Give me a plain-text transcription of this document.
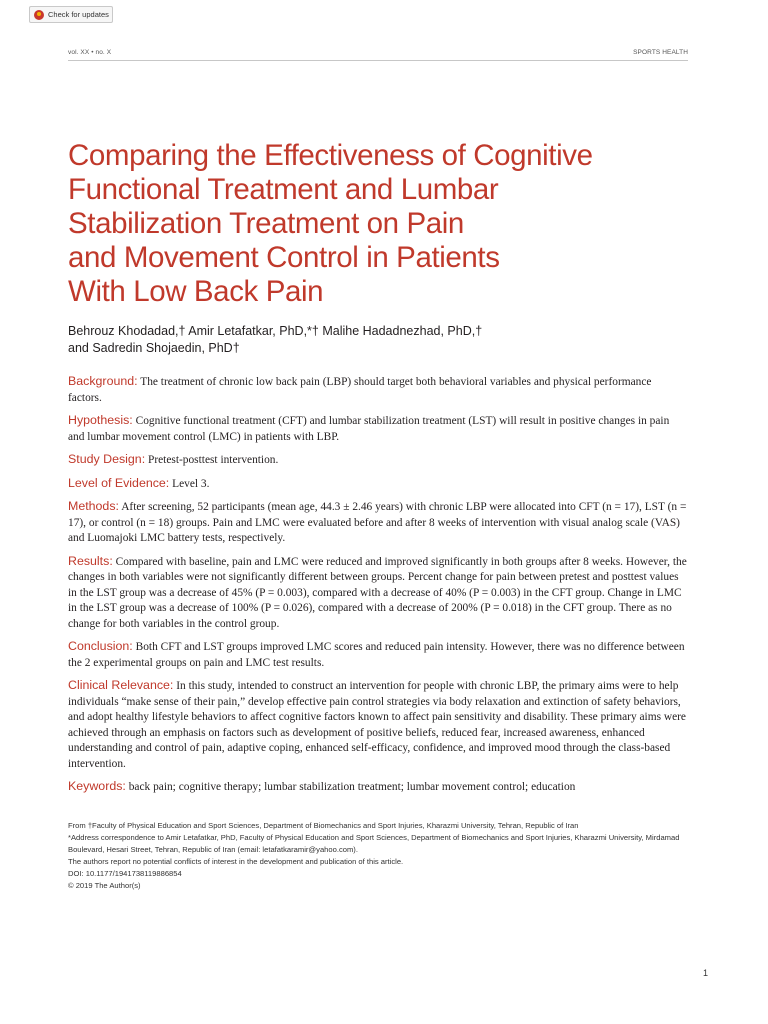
Check for updates
vol. XX • no. X	SPORTS HEALTH
Comparing the Effectiveness of Cognitive
Functional Treatment and Lumbar
Stabilization Treatment on Pain
and Movement Control in Patients
With Low Back Pain
Behrouz Khodadad,† Amir Letafatkar, PhD,*† Malihe Hadadnezhad, PhD,†
and Sadredin Shojaedin, PhD†

Background: The treatment of chronic low back pain (LBP) should target both behavioral variables and physical performance factors.

Hypothesis: Cognitive functional treatment (CFT) and lumbar stabilization treatment (LST) will result in positive changes in pain and lumbar movement control (LMC) in patients with LBP.

Study Design: Pretest-posttest intervention.

Level of Evidence: Level 3.

Methods: After screening, 52 participants (mean age, 44.3 ± 2.46 years) with chronic LBP were allocated into CFT (n = 17), LST (n = 17), or control (n = 18) groups. Pain and LMC were evaluated before and after 8 weeks of intervention with visual analog scale (VAS) and Luomajoki LMC battery tests, respectively.

Results: Compared with baseline, pain and LMC were reduced and improved significantly in both groups after 8 weeks. However, the changes in both variables were not significantly different between groups. Percent change for pain between pretest and posttest values in the LST group was a decrease of 45% (P = 0.003), compared with a decrease of 40% (P = 0.003) in the CFT group. Change in LMC in the LST group was a decrease of 100% (P = 0.026), compared with a decrease of 200% (P = 0.018) in the CFT group. There as no change for both variables in the control group.

Conclusion: Both CFT and LST groups improved LMC scores and reduced pain intensity. However, there was no difference between the 2 experimental groups on pain and LMC test results.

Clinical Relevance: In this study, intended to construct an intervention for people with chronic LBP, the primary aims were to help individuals “make sense of their pain,” develop effective pain control strategies via body relaxation and extinction of safety behaviors, and adopt healthy lifestyle behaviors to affect cognitive factors known to affect pain sensitivity and disability. These primary aims were achieved through an emphasis on factors such as development of positive beliefs, reduced fear, increased awareness, enhanced understanding and control of pain, adaptive coping, enhanced self-efficacy, confidence, and improved mood through the class-based intervention.

Keywords: back pain; cognitive therapy; lumbar stabilization treatment; lumbar movement control; education

From †Faculty of Physical Education and Sport Sciences, Department of Biomechanics and Sport Injuries, Kharazmi University, Tehran, Republic of Iran
*Address correspondence to Amir Letafatkar, PhD, Faculty of Physical Education and Sport Sciences, Department of Biomechanics and Sport Injuries, Kharazmi University, Mirdamad Boulevard, Hesari Street, Tehran, Republic of Iran (email: letafatkaramir@yahoo.com).
The authors report no potential conflicts of interest in the development and publication of this article.
DOI: 10.1177/1941738119886854
© 2019 The Author(s)
1
